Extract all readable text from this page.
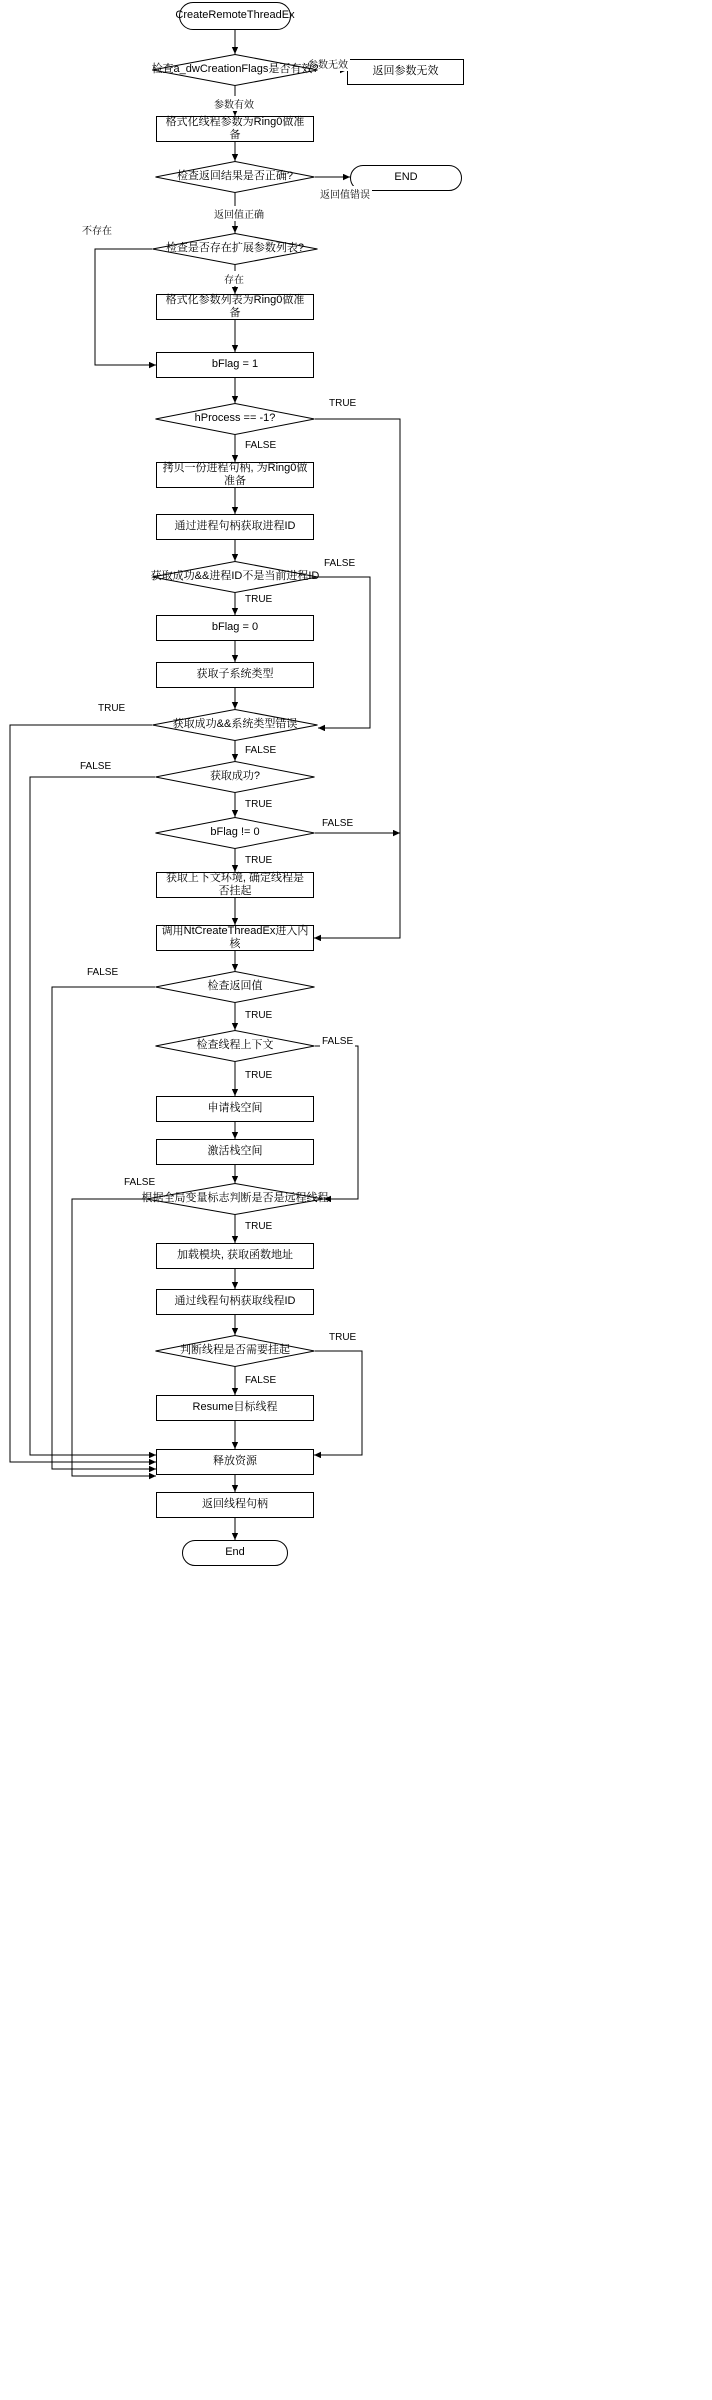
CreateRemoteThreadEx
检查a_dwCreationFlags是否有效?	返回参数无效
格式化线程参数为Ring0做准备
检查返回结果是否正确?	END
检查是否存在扩展参数列表?
格式化参数列表为Ring0做准备
bFlag = 1
hProcess == -1?
拷贝一份进程句柄, 为Ring0做准备
通过进程句柄获取进程ID
获取成功&&进程ID不是当前进程ID
bFlag = 0
获取子系统类型
获取成功&&系统类型错误
获取成功?
bFlag != 0
获取上下文环境, 确定线程是否挂起
调用NtCreateThreadEx进入内核
检查返回值
检查线程上下文
申请栈空间
激活栈空间
根据全局变量标志判断是否是远程线程
加载模块, 获取函数地址
通过线程句柄获取线程ID
判断线程是否需要挂起
Resume目标线程
释放资源
返回线程句柄
End
参数无效
参数有效
返回值错误
返回值正确
不存在
存在
TRUE
FALSE
FALSE
TRUE
TRUE
FALSE
FALSE
TRUE
FALSE
TRUE
FALSE
TRUE
FALSE
TRUE
FALSE
TRUE
TRUE
FALSE
